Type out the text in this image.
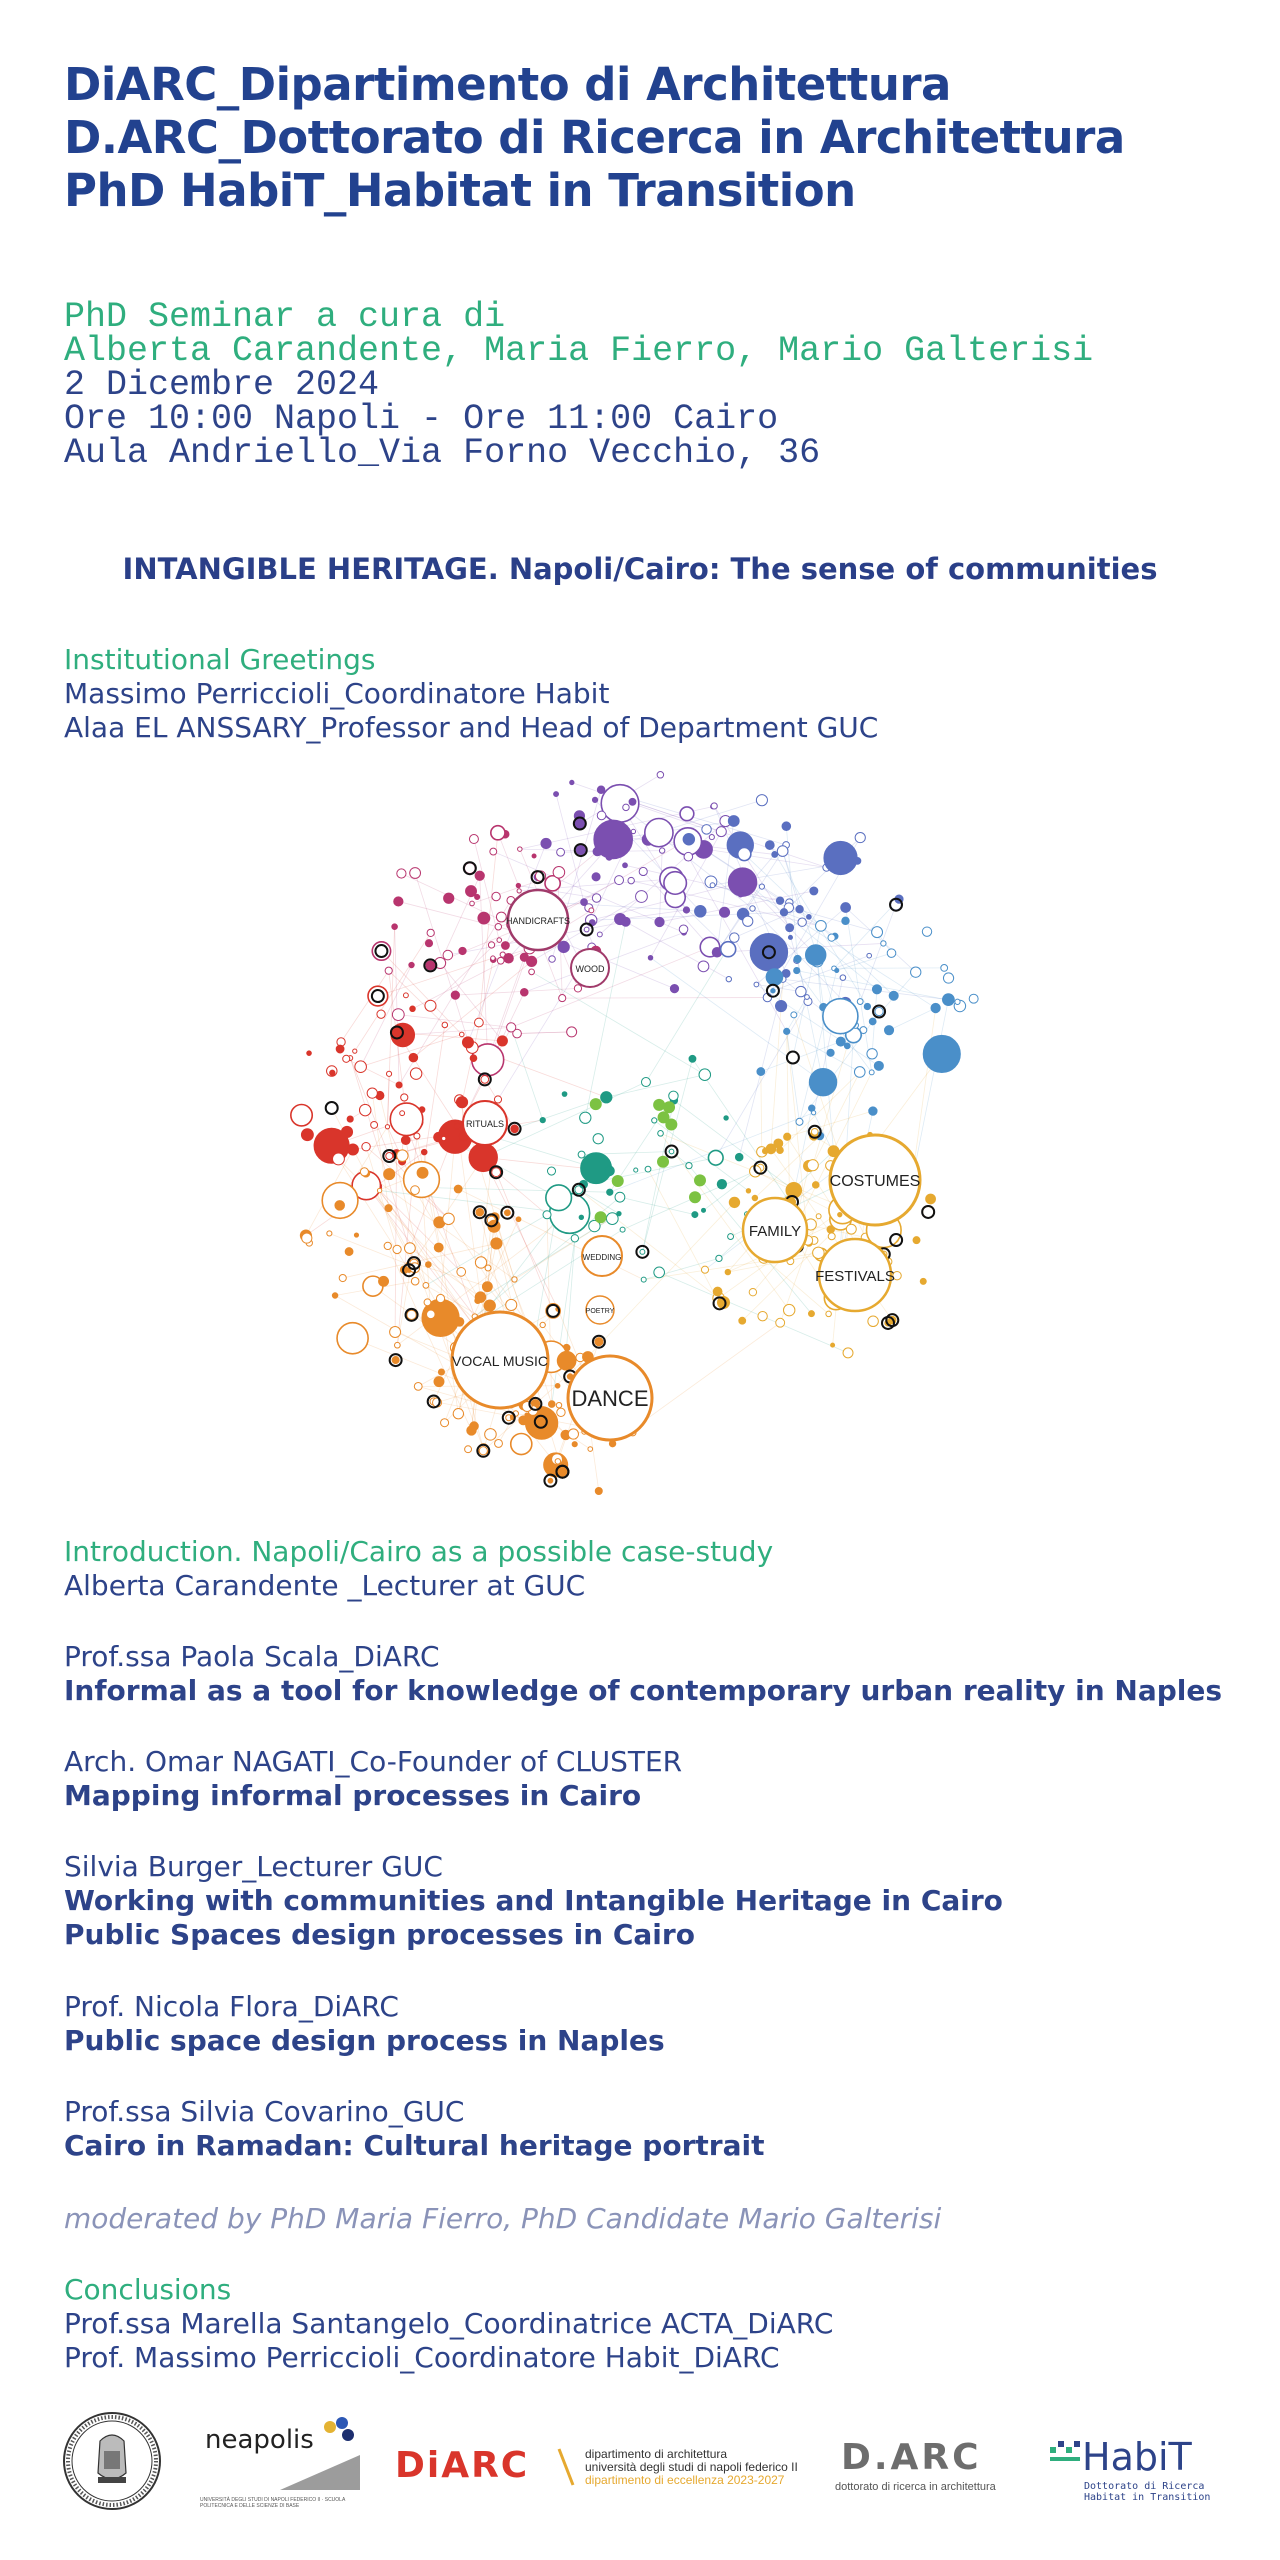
DiARC_Dipartimento di Architettura
D.ARC_Dottorato di Ricerca in Architettura
PhD HabiT_Habitat in Transition
PhD Seminar a cura di
Alberta Carandente, Maria Fierro, Mario Galterisi
2 Dicembre 2024
Ore 10:00 Napoli - Ore 11:00 Cairo
Aula Andriello_Via Forno Vecchio, 36
INTANGIBLE HERITAGE. Napoli/Cairo: The sense of communities
Institutional Greetings
Massimo Perriccioli_Coordinatore Habit
Alaa EL ANSSARY_Professor and Head of Department GUC
HANDICRAFTS
WOOD
RITUALS
COSTUMES
FAMILY
FESTIVALS
WEDDING
POETRY
VOCAL MUSIC
DANCE
Introduction. Napoli/Cairo as a possible case-study
Alberta Carandente _Lecturer at GUC
Prof.ssa Paola Scala_DiARC
Informal as a tool for knowledge of contemporary urban reality in Naples
Arch. Omar NAGATI_Co-Founder of CLUSTER
Mapping informal processes in Cairo
Silvia Burger_Lecturer GUC
Working with communities and Intangible Heritage in Cairo
Public Spaces design processes in Cairo
Prof. Nicola Flora_DiARC
Public space design process in Naples
Prof.ssa Silvia Covarino_GUC
Cairo in Ramadan: Cultural heritage portrait
moderated by PhD Maria Fierro, PhD Candidate Mario Galterisi
Conclusions
Prof.ssa Marella Santangelo_Coordinatrice ACTA_DiARC
Prof. Massimo Perriccioli_Coordinatore Habit_DiARC
neapolis
UNIVERSITÀ DEGLI STUDI DI NAPOLI FEDERICO II · SCUOLA POLITECNICA E DELLE SCIENZE DI BASE
DiARC	dipartimento di architettura
università degli studi di napoli federico II
dipartimento di eccellenza 2023-2027
D.ARC
dottorato di ricerca in architettura
HabiT
Dottorato di Ricerca
Habitat in Transition
